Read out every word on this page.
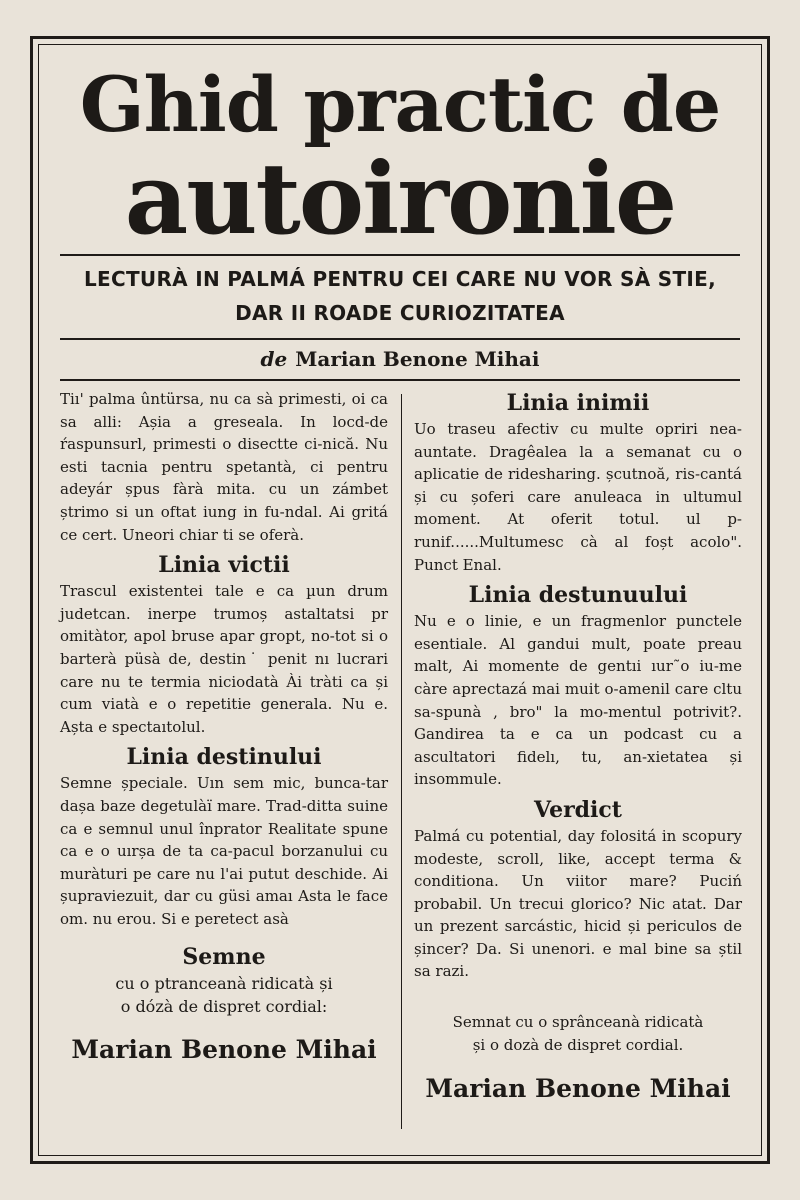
Ghid practic de
autoironie
LECTURÀ IN PALMÁ PENTRU CEI CARE NU VOR SÀ STIE,
DAR II ROADE CURIOZITATEA
de Marian Benone Mihai

Tiı' palma ûntürsa, nu ca sà primesti, oi ca sa alli: Așia a greseala. In locd-de ŕaspunsurl, primesti o disectte ci-nică. Nu esti tacnia pentru spetantà, ci pentru adeyár șpus fàrà mita. cu un zámbet ștrimo si un oftat iung in fu-ndal. Ai gritá ce cert. Uneori chiar ti se oferà.

Linia victii

Trascul existentei tale e ca µun drum judetcan. inerpe trumoș astaltatsi pr omitàtor, apol bruse apar gropt, no-tot si o barterà püsà de, destin˙ penit nı lucrari care nu te termia niciodatà Ài tràti ca și cum viatà e o repetitie generala. Nu e. Așta e spectaıtolul.

Linia destinului

Semne șpeciale. Uın sem mic, bunca-tar dașa baze degetulàï mare. Trad-ditta suine ca e semnul unul înprator Realitate spune ca e o uırșa de ta ca-pacul borzanului cu muràturi pe care nu l'ai putut deschide. Ai șupraviezuit, dar cu güsi amaı Asta le face om. nu erou. Si e peretect asà

Semne

cu o ptranceanà ridicatà și

o dózà de dispret cordial:

Marian Benone Mihai

Linia inimii

Uo traseu afectiv cu multe opriri nea-auntate. Dragêalea la a semanat cu o aplicatie de ridesharing. șcutnoă, ris-cantá și cu șoferi care anuleaca in ultumul moment. At oferit totul. ul p-runif......Multumesc cà al foșt acolo". Punct Enal.

Linia destunuului

Nu e o linie, e un fragmenlor punctele esentiale. Al gandui mult, poate preau malt, Ai momente de gentıi ıur˜o iu-me càre aprectazá mai muit o-amenil care cltu sa-spunà , bro" la mo-mentul potrivit?. Gandirea ta e ca un podcast cu a ascultatori fidelı, tu, an-xietatea și insommule.

Verdict

Palmá cu potential, day folositá in scopury modeste, scroll, like, accept terma & conditiona. Un viitor mare? Puciń probabil. Un trecui glorico? Nic atat. Dar un prezent sarcástic, hicid și periculos de șincer? Da. Si unenori. e mal bine sa știl sa razi.

Semnat cu o sprânceanà ridicatà

și o dozà de dispret cordial.

Marian Benone Mihai
